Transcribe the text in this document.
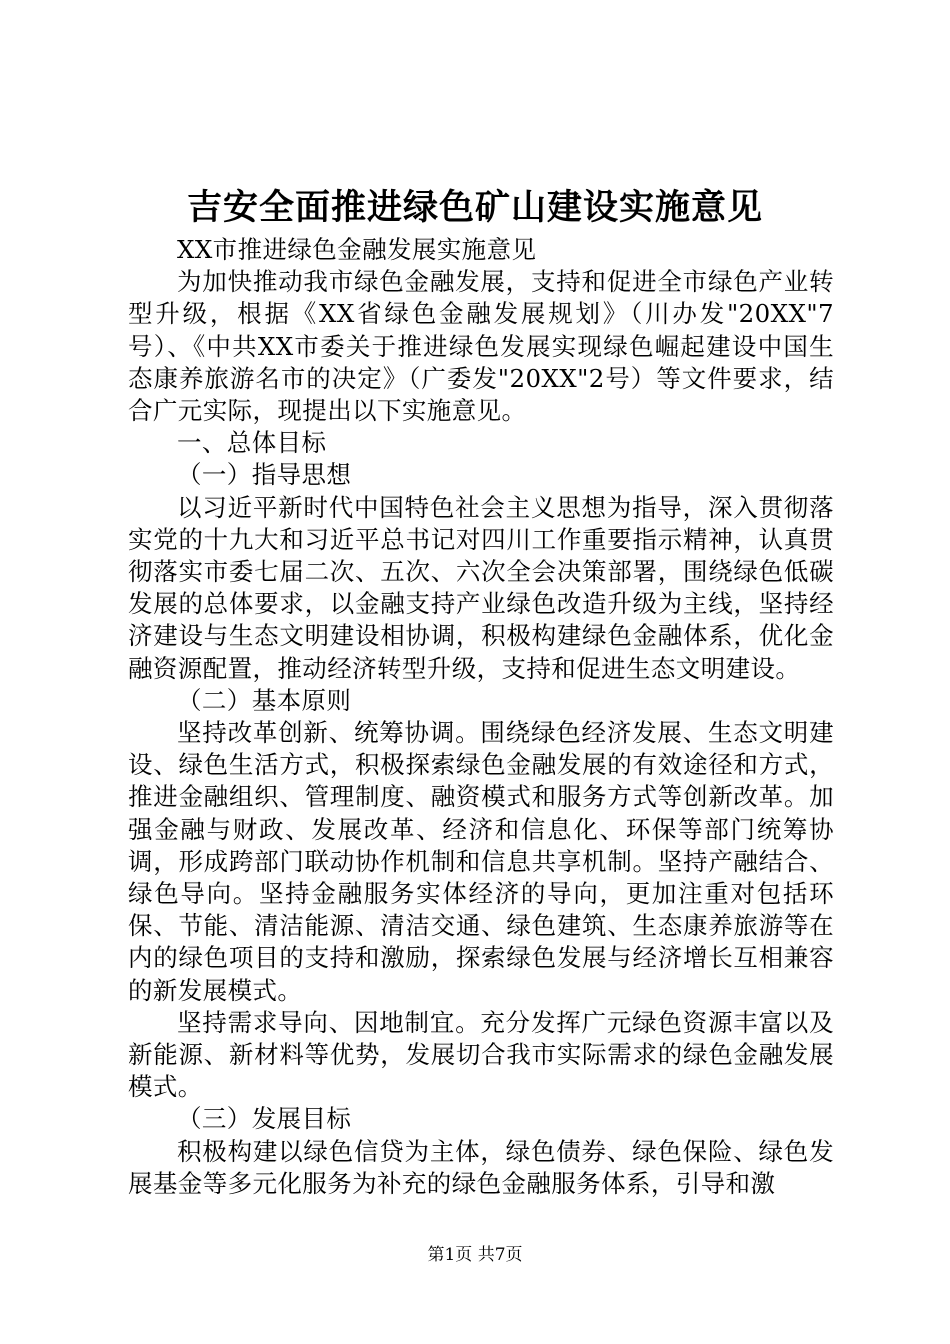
吉安全面推进绿色矿山建设实施意见

XX市推进绿色金融发展实施意见

为加快推动我市绿色金融发展，支持和促进全市绿色产业转型升级，根据《XX省绿色金融发展规划》（川办发"20XX"7号）、《中共XX市委关于推进绿色发展实现绿色崛起建设中国生态康养旅游名市的决定》（广委发"20XX"2号）等文件要求，结合广元实际，现提出以下实施意见。

一、总体目标

（一）指导思想

以习近平新时代中国特色社会主义思想为指导，深入贯彻落实党的十九大和习近平总书记对四川工作重要指示精神，认真贯彻落实市委七届二次、五次、六次全会决策部署，围绕绿色低碳发展的总体要求，以金融支持产业绿色改造升级为主线，坚持经济建设与生态文明建设相协调，积极构建绿色金融体系，优化金融资源配置，推动经济转型升级，支持和促进生态文明建设。

（二）基本原则

坚持改革创新、统筹协调。围绕绿色经济发展、生态文明建设、绿色生活方式，积极探索绿色金融发展的有效途径和方式，推进金融组织、管理制度、融资模式和服务方式等创新改革。加强金融与财政、发展改革、经济和信息化、环保等部门统筹协调，形成跨部门联动协作机制和信息共享机制。坚持产融结合、绿色导向。坚持金融服务实体经济的导向，更加注重对包括环保、节能、清洁能源、清洁交通、绿色建筑、生态康养旅游等在内的绿色项目的支持和激励，探索绿色发展与经济增长互相兼容的新发展模式。

坚持需求导向、因地制宜。充分发挥广元绿色资源丰富以及新能源、新材料等优势，发展切合我市实际需求的绿色金融发展模式。

（三）发展目标

积极构建以绿色信贷为主体，绿色债券、绿色保险、绿色发展基金等多元化服务为补充的绿色金融服务体系，引导和激

第1页 共7页
